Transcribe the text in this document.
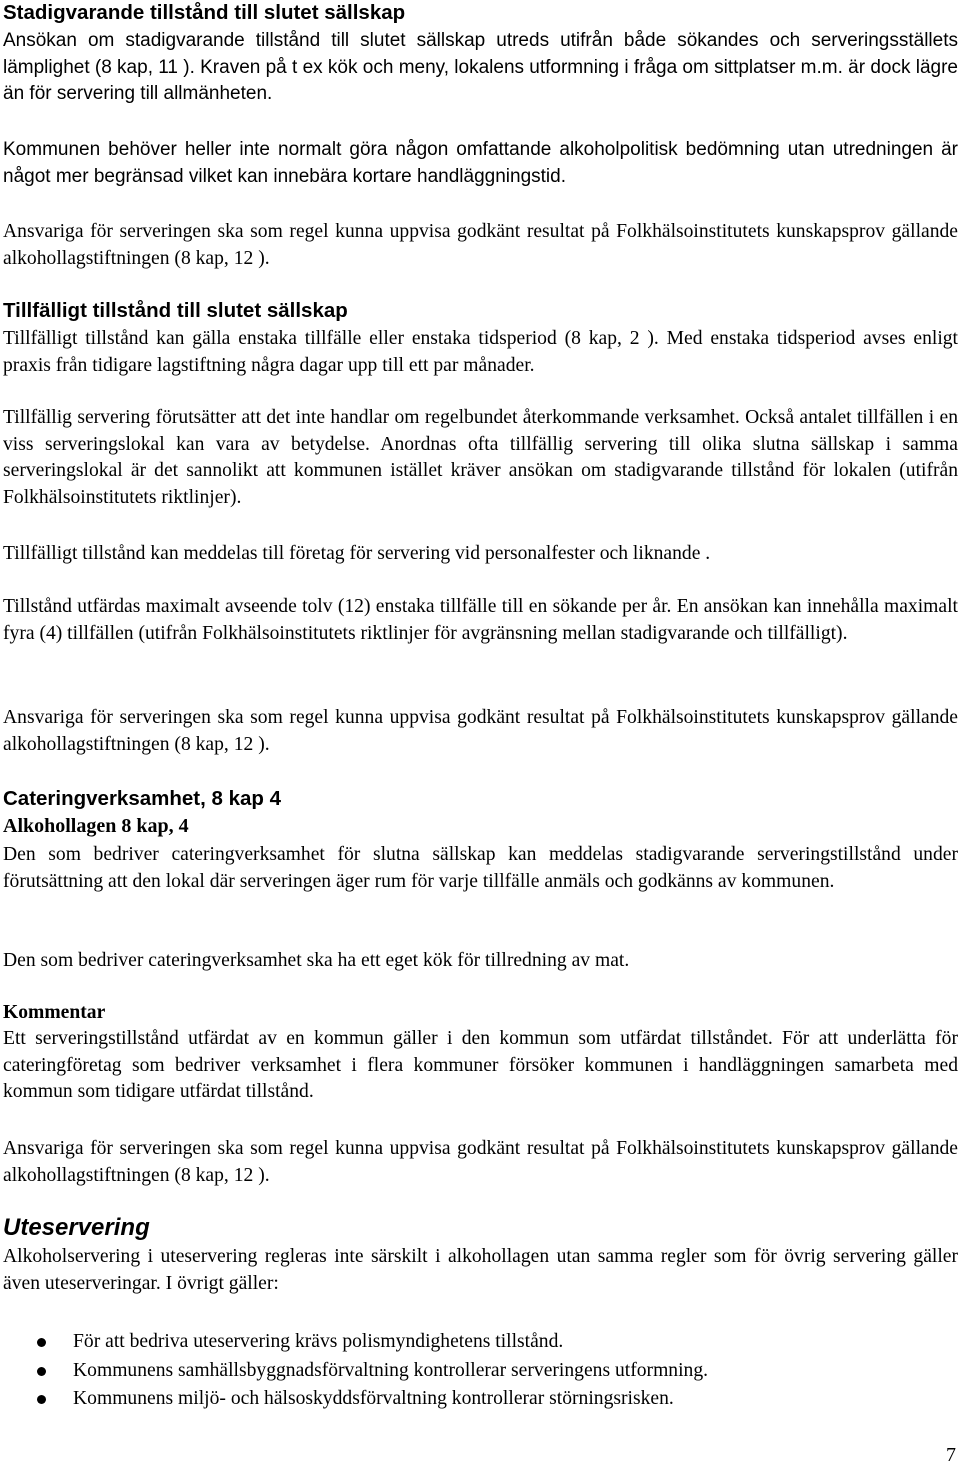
Stadigvarande tillstånd till slutet sällskap

Ansökan om stadigvarande tillstånd till slutet sällskap utreds utifrån både sökandes och serveringsställets lämplighet (8 kap, 11 ). Kraven på t ex kök och meny, lokalens utformning i fråga om sittplatser m.m. är dock lägre än för servering till allmänheten.

Kommunen behöver heller inte normalt göra någon omfattande alkoholpolitisk bedömning utan utredningen är något mer begränsad vilket kan innebära kortare handläggningstid.

Ansvariga för serveringen ska som regel kunna uppvisa godkänt resultat på Folkhälsoinstitutets kunskapsprov gällande alkohollagstiftningen (8 kap, 12 ).

Tillfälligt tillstånd till slutet sällskap

Tillfälligt tillstånd kan gälla enstaka tillfälle eller enstaka tidsperiod (8 kap, 2 ). Med enstaka tidsperiod avses enligt praxis från tidigare lagstiftning några dagar upp till ett par månader.

Tillfällig servering förutsätter att det inte handlar om regelbundet återkommande verksamhet. Också antalet tillfällen i en viss serveringslokal kan vara av betydelse. Anordnas ofta tillfällig servering till olika slutna sällskap i samma serveringslokal är det sannolikt att kommunen istället kräver ansökan om stadigvarande tillstånd för lokalen (utifrån Folkhälsoinstitutets riktlinjer).

Tillfälligt tillstånd kan meddelas till företag för servering vid personalfester och liknande .

Tillstånd utfärdas maximalt avseende tolv (12) enstaka tillfälle till en sökande per år. En ansökan kan innehålla maximalt fyra (4) tillfällen (utifrån Folkhälsoinstitutets riktlinjer för avgränsning mellan stadigvarande och tillfälligt).

Ansvariga för serveringen ska som regel kunna uppvisa godkänt resultat på Folkhälsoinstitutets kunskapsprov gällande alkohollagstiftningen (8 kap, 12 ).

Cateringverksamhet, 8 kap 4
Alkohollagen 8 kap, 4

Den som bedriver cateringverksamhet för slutna sällskap kan meddelas stadigvarande serveringstillstånd under förutsättning att den lokal där serveringen äger rum för varje tillfälle anmäls och godkänns av kommunen.

Den som bedriver cateringverksamhet ska ha ett eget kök för tillredning av mat.

Kommentar

Ett serveringstillstånd utfärdat av en kommun gäller i den kommun som utfärdat tillståndet. För att underlätta för cateringföretag som bedriver verksamhet i flera kommuner försöker kommunen i handläggningen samarbeta med kommun som tidigare utfärdat tillstånd.

Ansvariga för serveringen ska som regel kunna uppvisa godkänt resultat på Folkhälsoinstitutets kunskapsprov gällande alkohollagstiftningen (8 kap, 12 ).

Uteservering

Alkoholservering i uteservering regleras inte särskilt i alkohollagen utan samma regler som för övrig servering gäller även uteserveringar. I övrigt gäller:

För att bedriva uteservering krävs polismyndighetens tillstånd.
Kommunens samhällsbyggnadsförvaltning kontrollerar serveringens utformning.
Kommunens miljö- och hälsoskyddsförvaltning kontrollerar störningsrisken.
7
